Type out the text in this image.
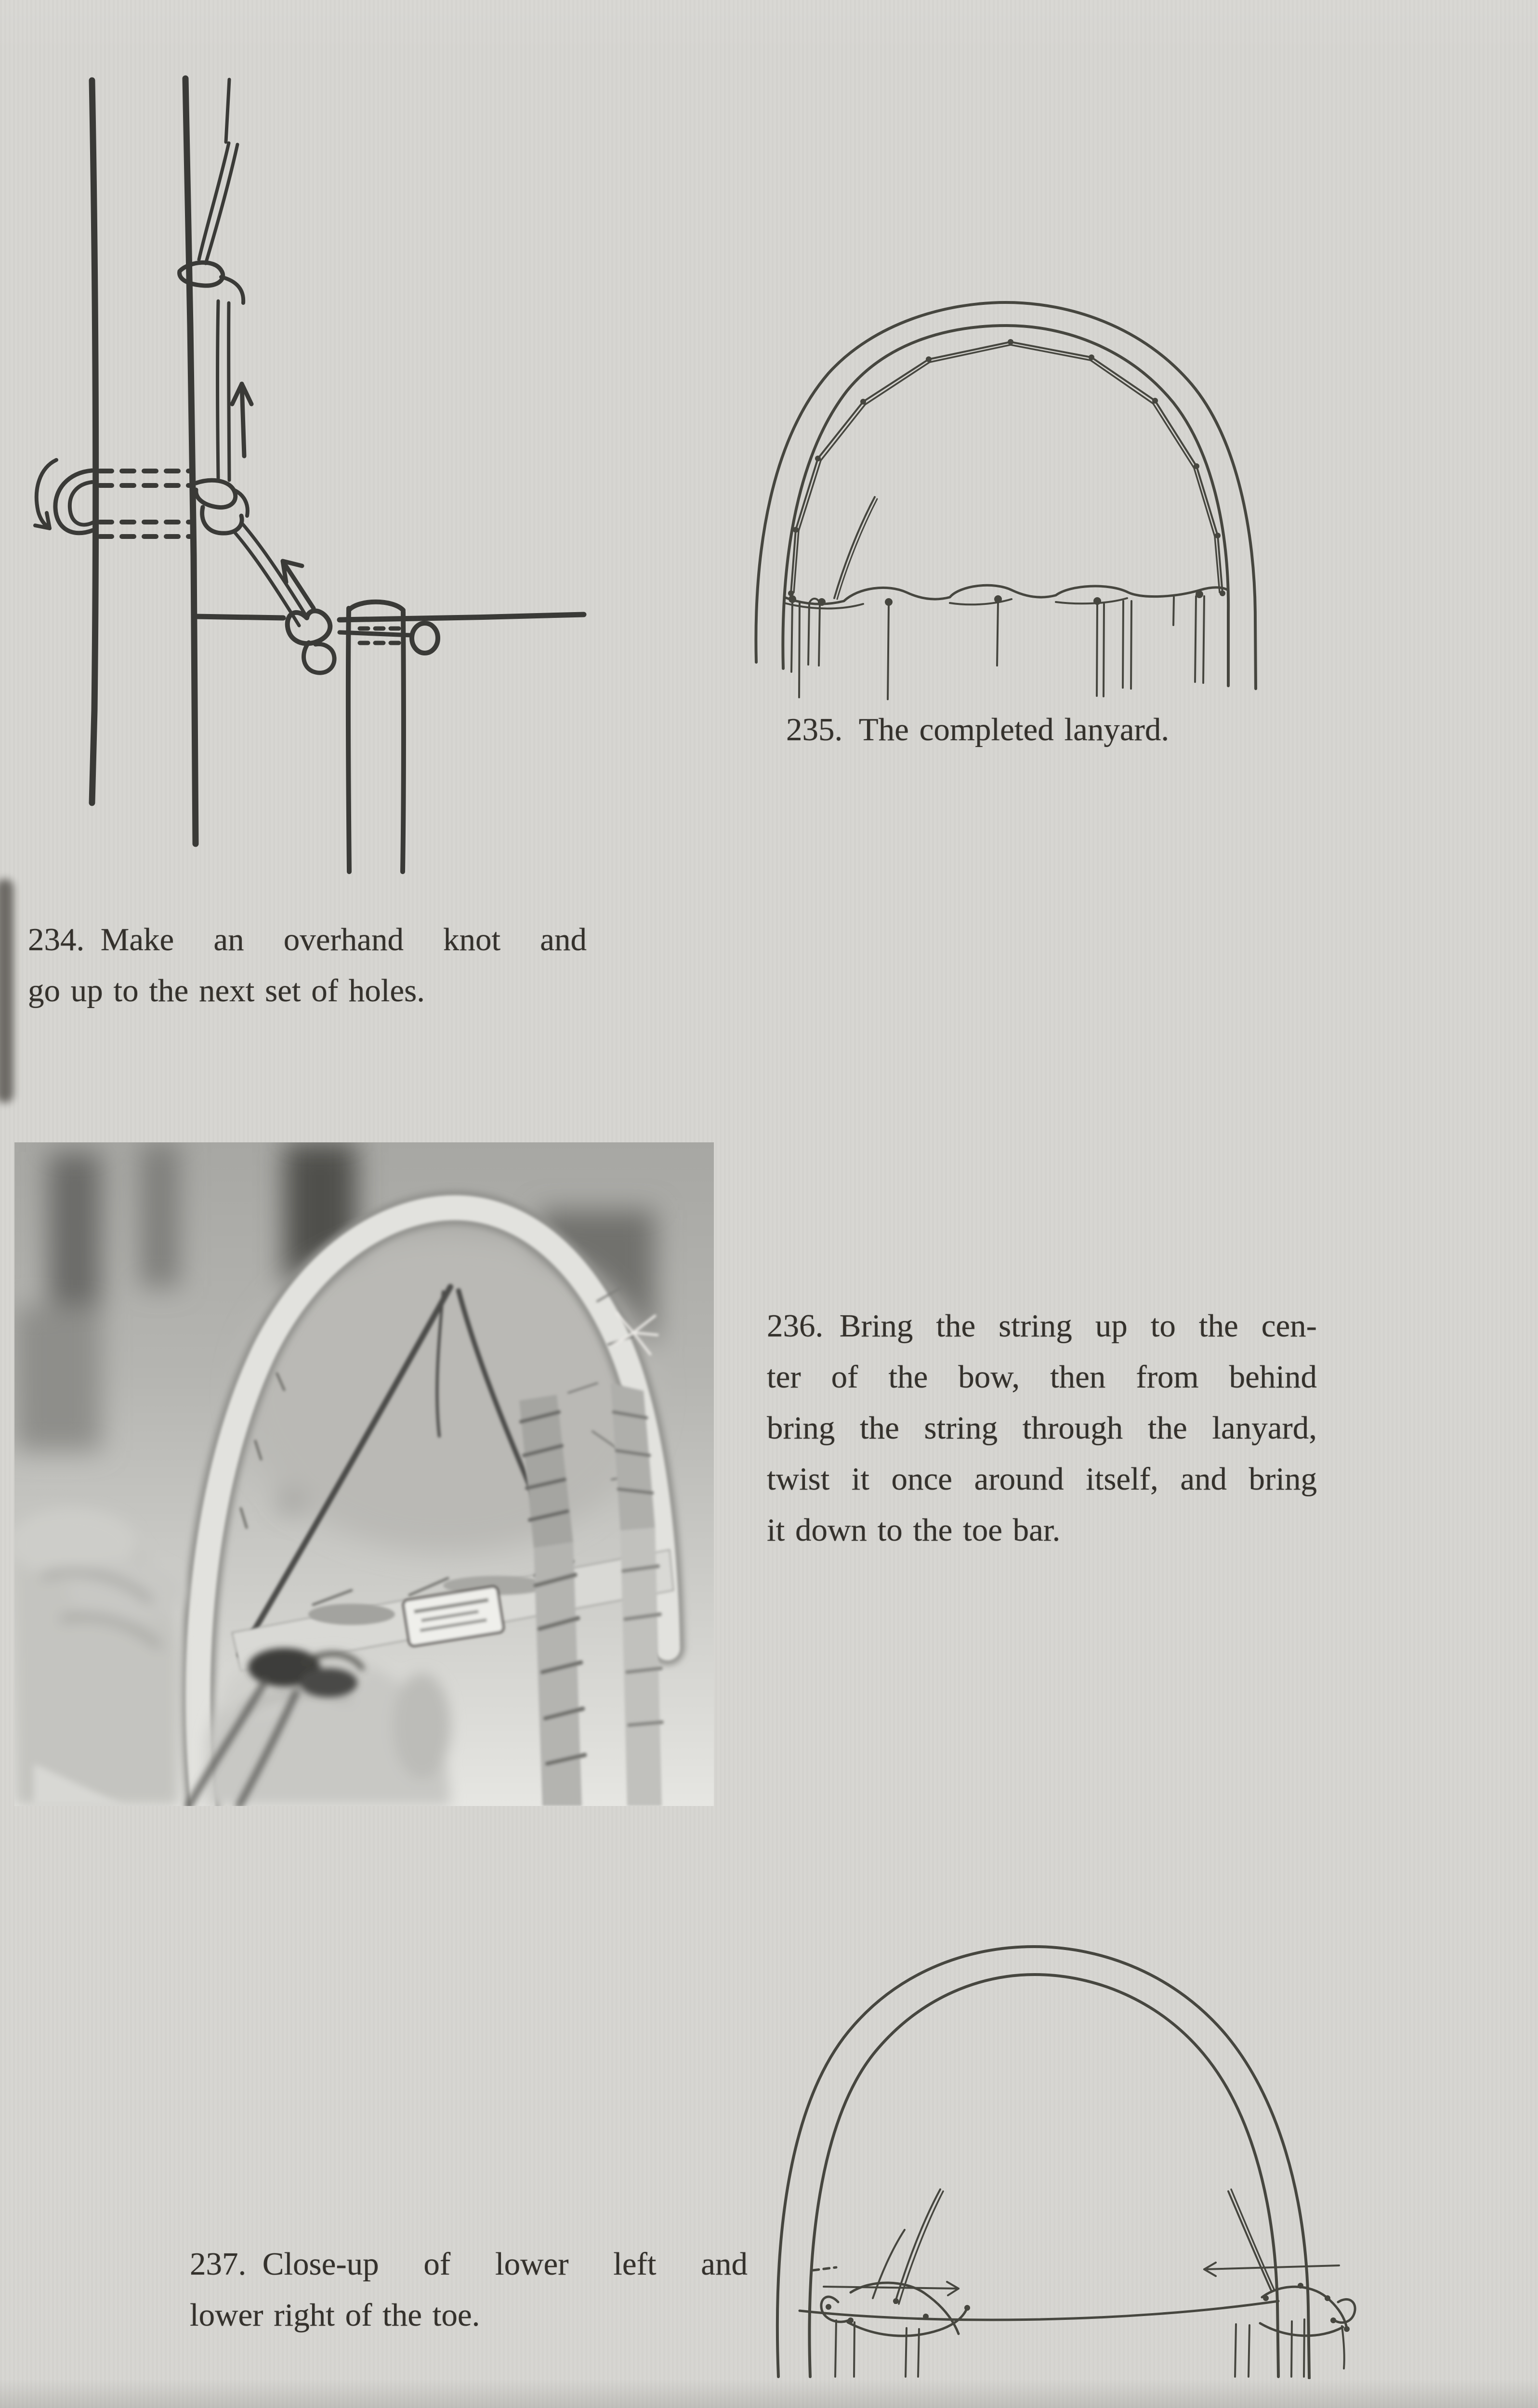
235. The completed lanyard.
234. Make an overhand knot and
go up to the next set of holes.
236. Bring the string up to the cen-
ter of the bow, then from behind
bring the string through the lanyard,
twist it once around itself, and bring
it down to the toe bar.
237. Close-up of lower left and
lower right of the toe.
